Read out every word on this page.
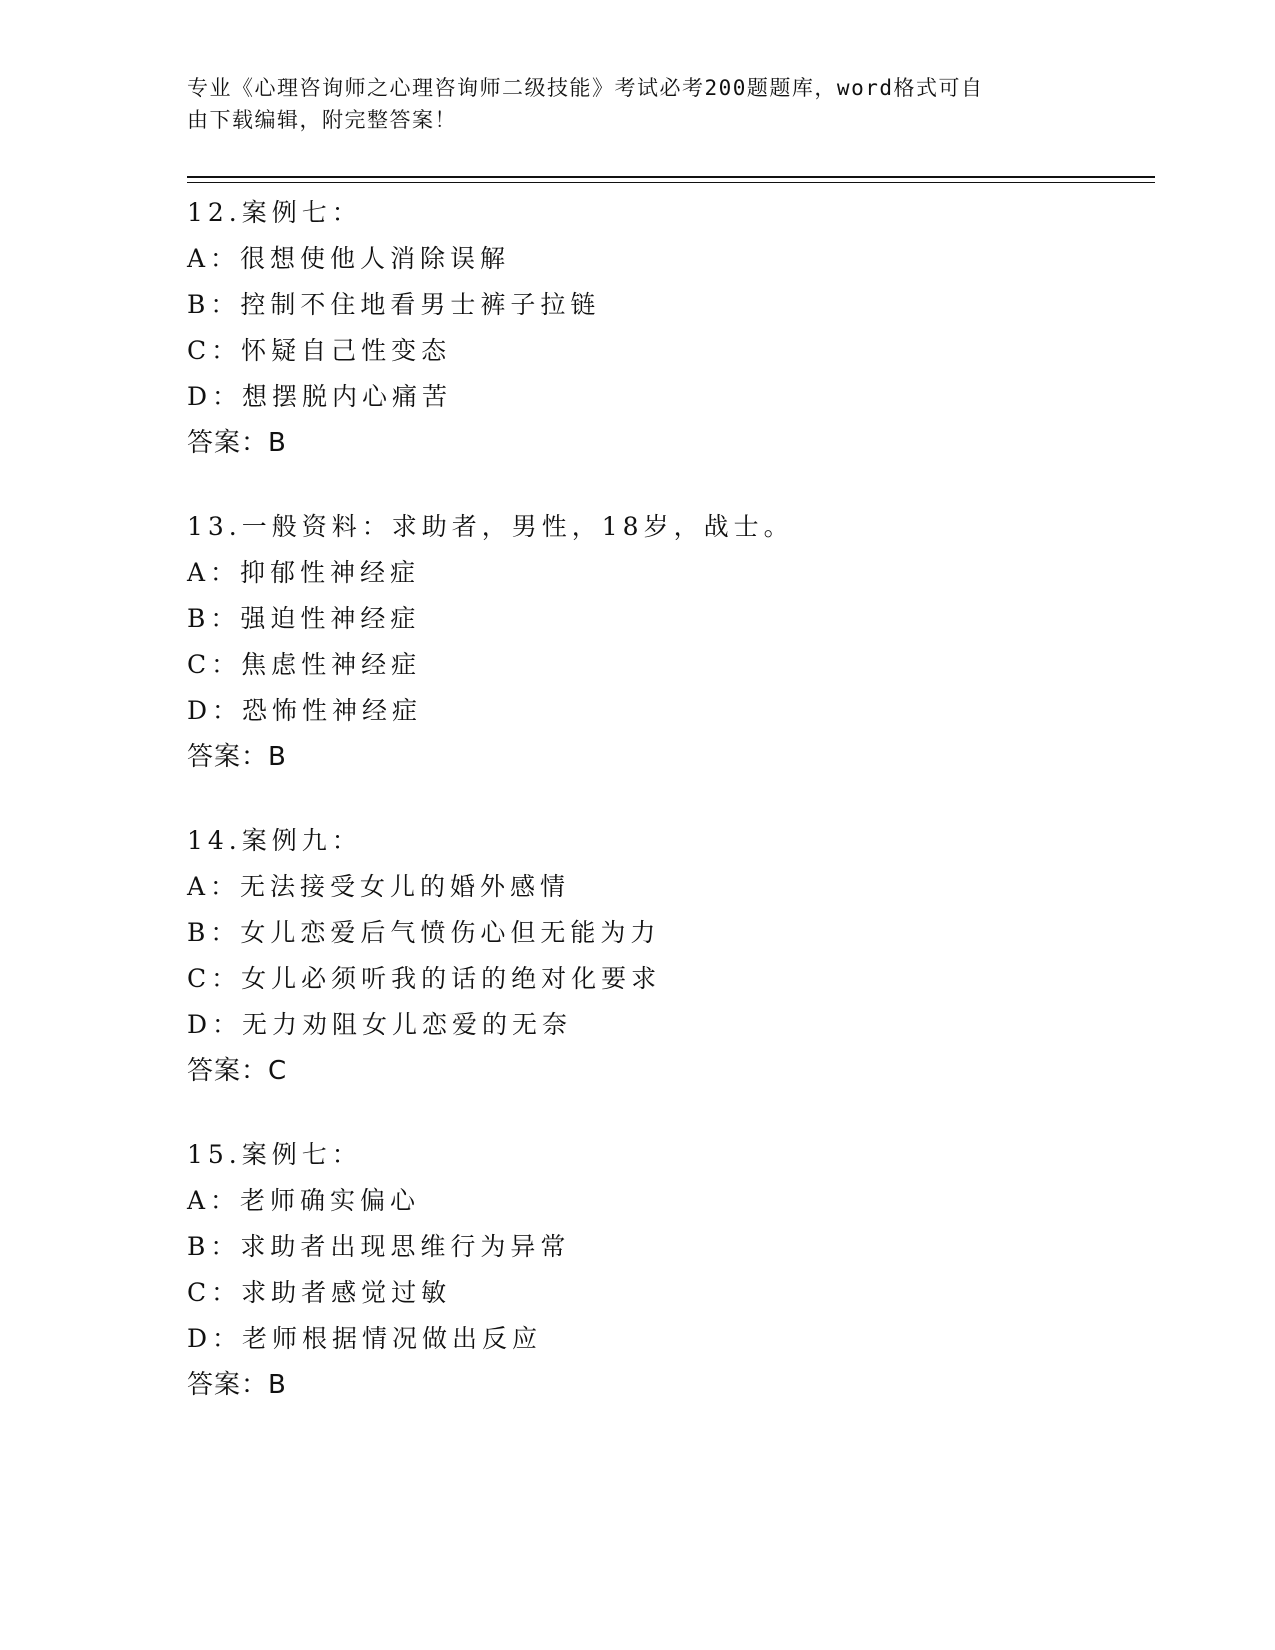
专业《心理咨询师之心理咨询师二级技能》考试必考200题题库，word格式可自
由下载编辑，附完整答案！
12.案例七：
A：很想使他人消除误解
B：控制不住地看男士裤子拉链
C：怀疑自己性变态
D：想摆脱内心痛苦
答案：B
13.一般资料：求助者，男性，18岁，战士。
A：抑郁性神经症
B：强迫性神经症
C：焦虑性神经症
D：恐怖性神经症
答案：B
14.案例九：
A：无法接受女儿的婚外感情
B：女儿恋爱后气愤伤心但无能为力
C：女儿必须听我的话的绝对化要求
D：无力劝阻女儿恋爱的无奈
答案：C
15.案例七：
A：老师确实偏心
B：求助者出现思维行为异常
C：求助者感觉过敏
D：老师根据情况做出反应
答案：B
